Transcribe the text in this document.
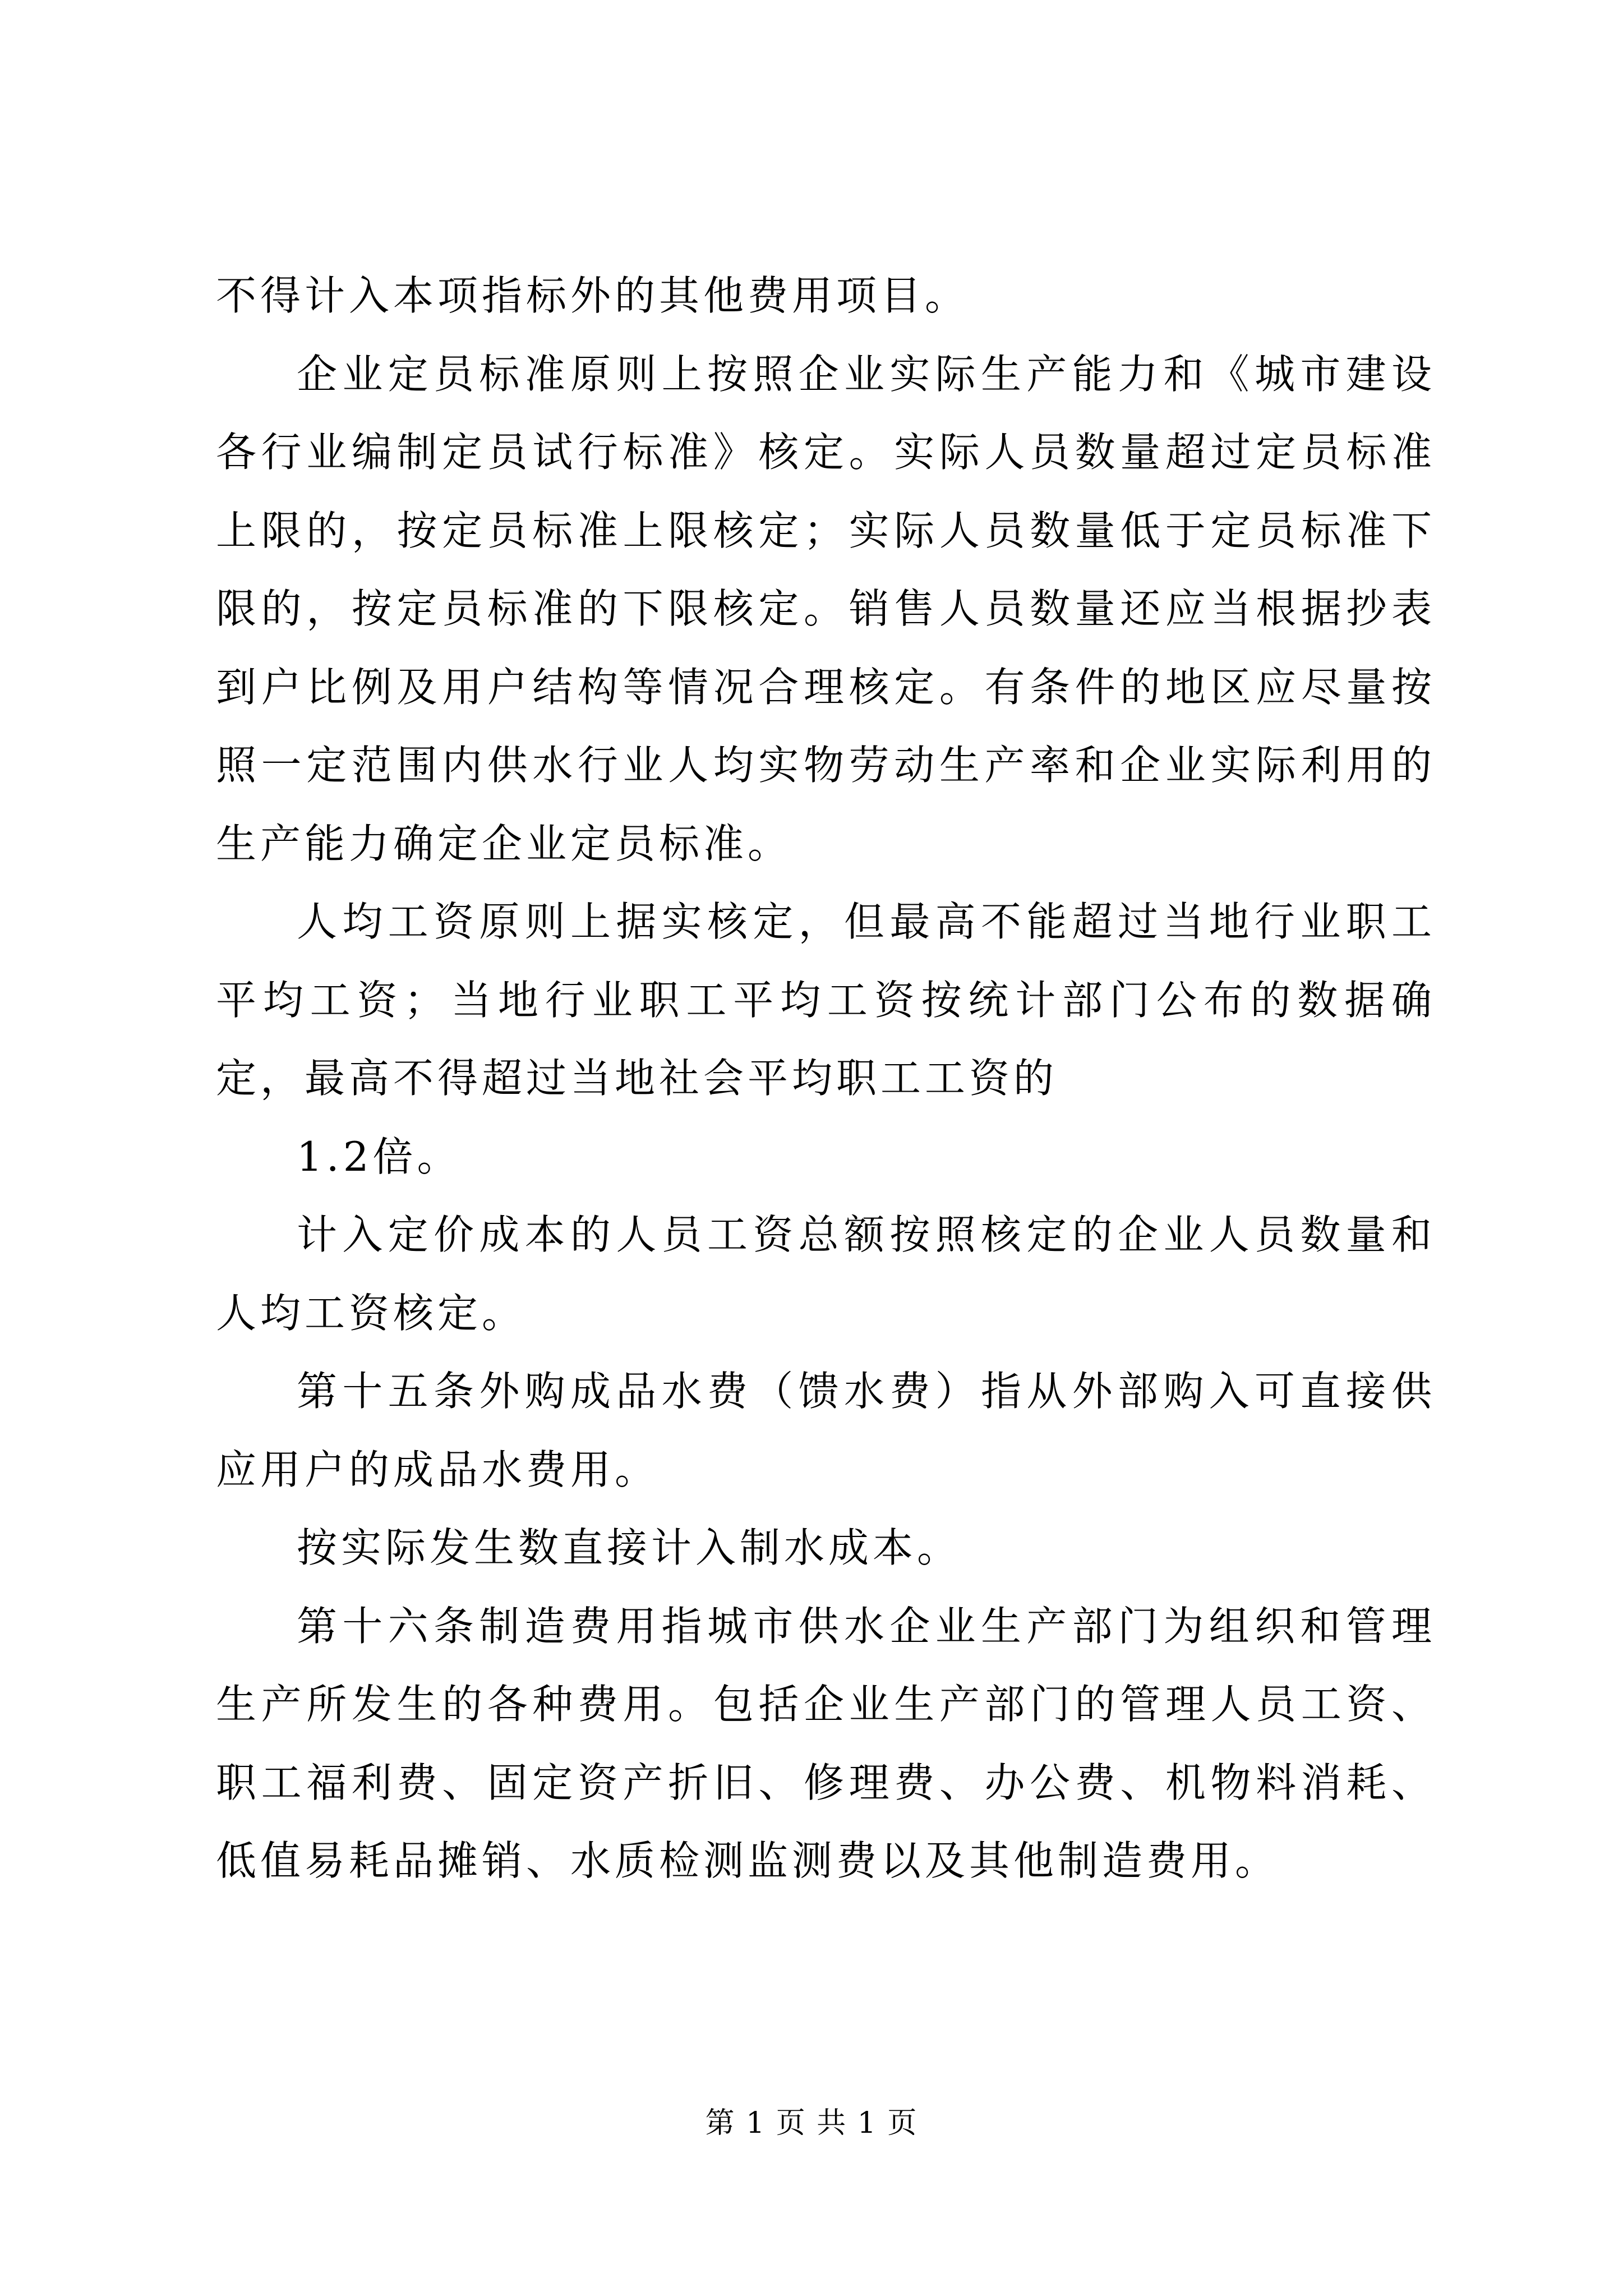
不得计入本项指标外的其他费用项目。

企业定员标准原则上按照企业实际生产能力和《城市建设各行业编制定员试行标准》核定。实际人员数量超过定员标准上限的，按定员标准上限核定；实际人员数量低于定员标准下限的，按定员标准的下限核定。销售人员数量还应当根据抄表到户比例及用户结构等情况合理核定。有条件的地区应尽量按照一定范围内供水行业人均实物劳动生产率和企业实际利用的生产能力确定企业定员标准。

人均工资原则上据实核定，但最高不能超过当地行业职工平均工资；当地行业职工平均工资按统计部门公布的数据确定，最高不得超过当地社会平均职工工资的

1.2倍。

计入定价成本的人员工资总额按照核定的企业人员数量和人均工资核定。

第十五条外购成品水费（馈水费）指从外部购入可直接供应用户的成品水费用。

按实际发生数直接计入制水成本。

第十六条制造费用指城市供水企业生产部门为组织和管理生产所发生的各种费用。包括企业生产部门的管理人员工资、职工福利费、固定资产折旧、修理费、办公费、机物料消耗、低值易耗品摊销、水质检测监测费以及其他制造费用。

第 1 页 共 1 页
